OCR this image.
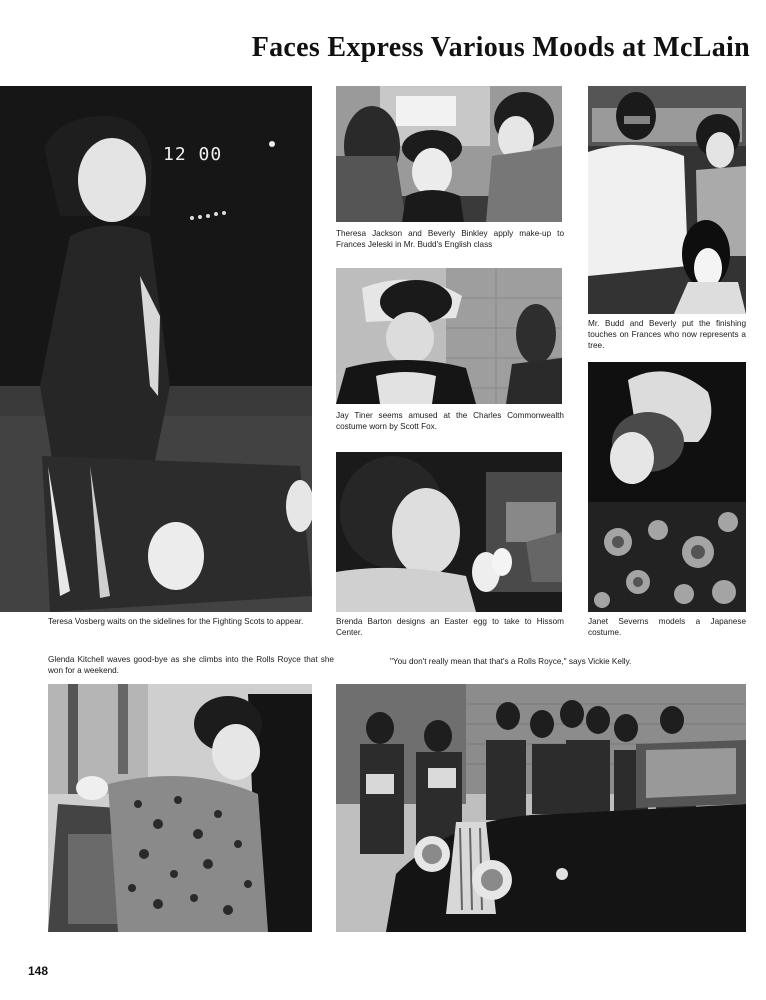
Faces Express Various Moods at McLain
12 00
Teresa Vosberg waits on the sidelines for the Fighting Scots to appear.
Theresa Jackson and Beverly Binkley apply make-up to Frances Jeleski in Mr. Budd's English class
Mr. Budd and Beverly put the finishing touches on Frances who now represents a tree.
Jay Tiner seems amused at the Charles Commonwealth costume worn by Scott Fox.
Janet Severns models a Japanese costume.
Brenda Barton designs an Easter egg to take to Hissom Center.
Glenda Kitchell waves good-bye as she climbs into the Rolls Royce that she won for a weekend.
"You don't really mean that that's a Rolls Royce," says Vickie Kelly.
148
